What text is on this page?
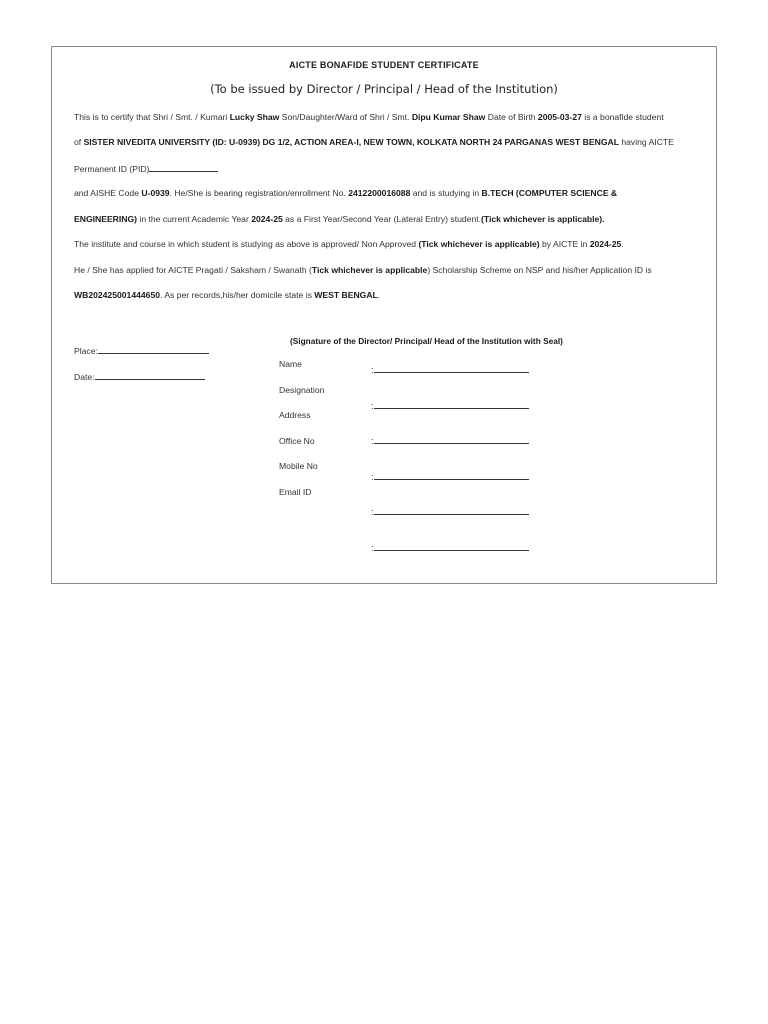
AICTE BONAFIDE STUDENT CERTIFICATE
(To be issued by Director / Principal / Head of the Institution)
This is to certify that Shri / Smt. / Kumari Lucky Shaw Son/Daughter/Ward of Shri / Smt. Dipu Kumar Shaw Date of Birth 2005-03-27 is a bonafide student
of SISTER NIVEDITA UNIVERSITY (ID: U-0939) DG 1/2, ACTION AREA-I, NEW TOWN, KOLKATA NORTH 24 PARGANAS WEST BENGAL having AICTE
Permanent ID (PID)
and AISHE Code U-0939. He/She is bearing registration/enrollment No. 2412200016088 and is studying in B.TECH (COMPUTER SCIENCE &
ENGINEERING) in the current Academic Year 2024-25 as a First Year/Second Year (Lateral Entry) student.(Tick whichever is applicable).
The institute and course in which student is studying as above is approved/ Non Approved (Tick whichever is applicable) by AICTE in 2024-25.
He / She has applied for AICTE Pragati / Saksham / Swanath (Tick whichever is applicable) Scholarship Scheme on NSP and his/her Application ID is
WB202425001444650. As per records,his/her domicile state is WEST BENGAL.
(Signature of the Director/ Principal/ Head of the Institution with Seal)
Place:
Date:
Name
Designation
Address
Office No
Mobile No
Email ID
:
:
:
:
:
:
